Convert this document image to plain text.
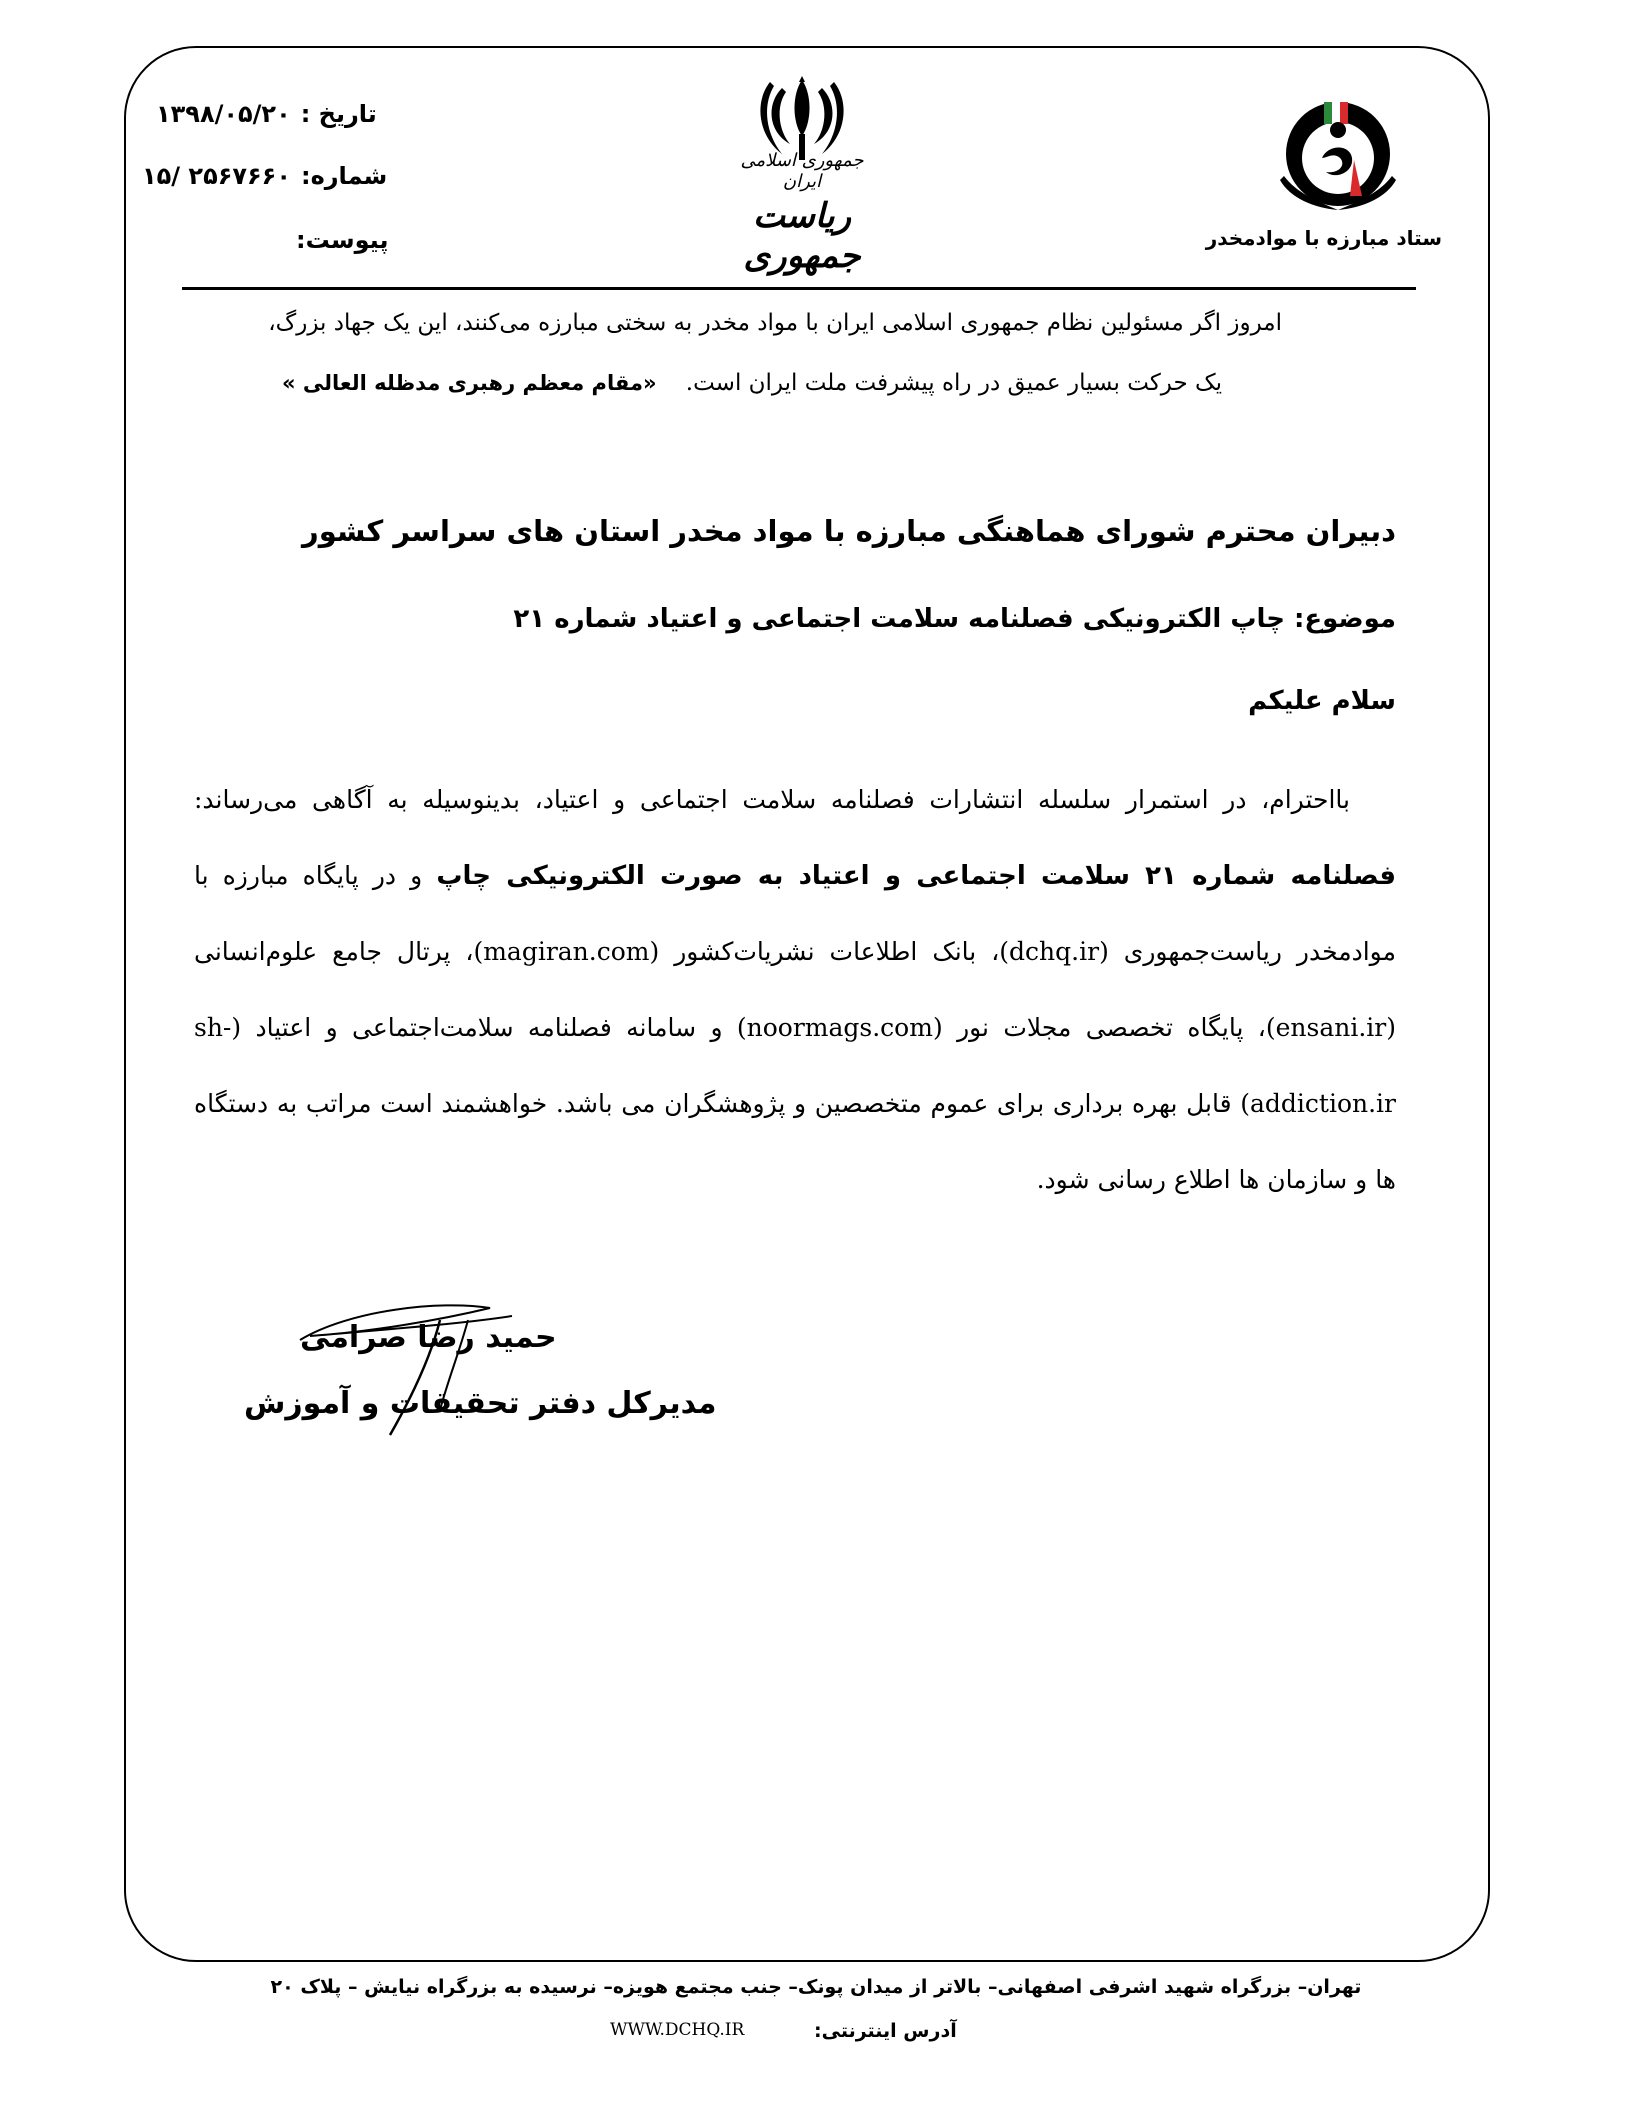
تاریخ :۱۳۹۸/۰۵/۲۰
شماره:۲۵۶۷۶۶۰ /۱۵
پیوست:
جمهوری اسلامی ایران
ریاست جمهوری	ستاد مبارزه با موادمخدر
امروز اگر مسئولین نظام جمهوری اسلامی ایران با مواد مخدر به سختی مبارزه می‌کنند، این یک جهاد بزرگ،
یک حرکت بسیار عمیق در راه پیشرفت ملت ایران است.    «مقام معظم رهبری مدظله العالی »
دبیران محترم شورای هماهنگی مبارزه با مواد مخدر استان های سراسر کشور
موضوع: چاپ الکترونیکی فصلنامه سلامت اجتماعی و اعتیاد شماره ۲۱
سلام علیکم

بااحترام، در استمرار سلسله انتشارات فصلنامه سلامت اجتماعی و اعتیاد، بدینوسیله به آگاهی می‌رساند: فصلنامه شماره ۲۱ سلامت اجتماعی و اعتیاد به صورت الکترونیکی چاپ و در پایگاه مبارزه با موادمخدر ریاست‌جمهوری (dchq.ir)، بانک اطلاعات نشریات‌کشور (magiran.com)، پرتال جامع علوم‌انسانی (ensani.ir)، پایگاه تخصصی مجلات نور (noormags.com) و سامانه فصلنامه سلامت‌اجتماعی و اعتیاد (sh-addiction.ir) قابل بهره برداری برای عموم متخصصین و پژوهشگران می باشد. خواهشمند است مراتب به دستگاه ها و سازمان ها اطلاع رسانی شود.

حمید رضا صرامی
مدیرکل دفتر تحقیقات و آموزش
تهران– بزرگراه شهید اشرفی اصفهانی– بالاتر از میدان پونک– جنب مجتمع هویزه– نرسیده به بزرگراه نیایش – پلاک ۲۰
آدرس اینترنتی:
WWW.DCHQ.IR
